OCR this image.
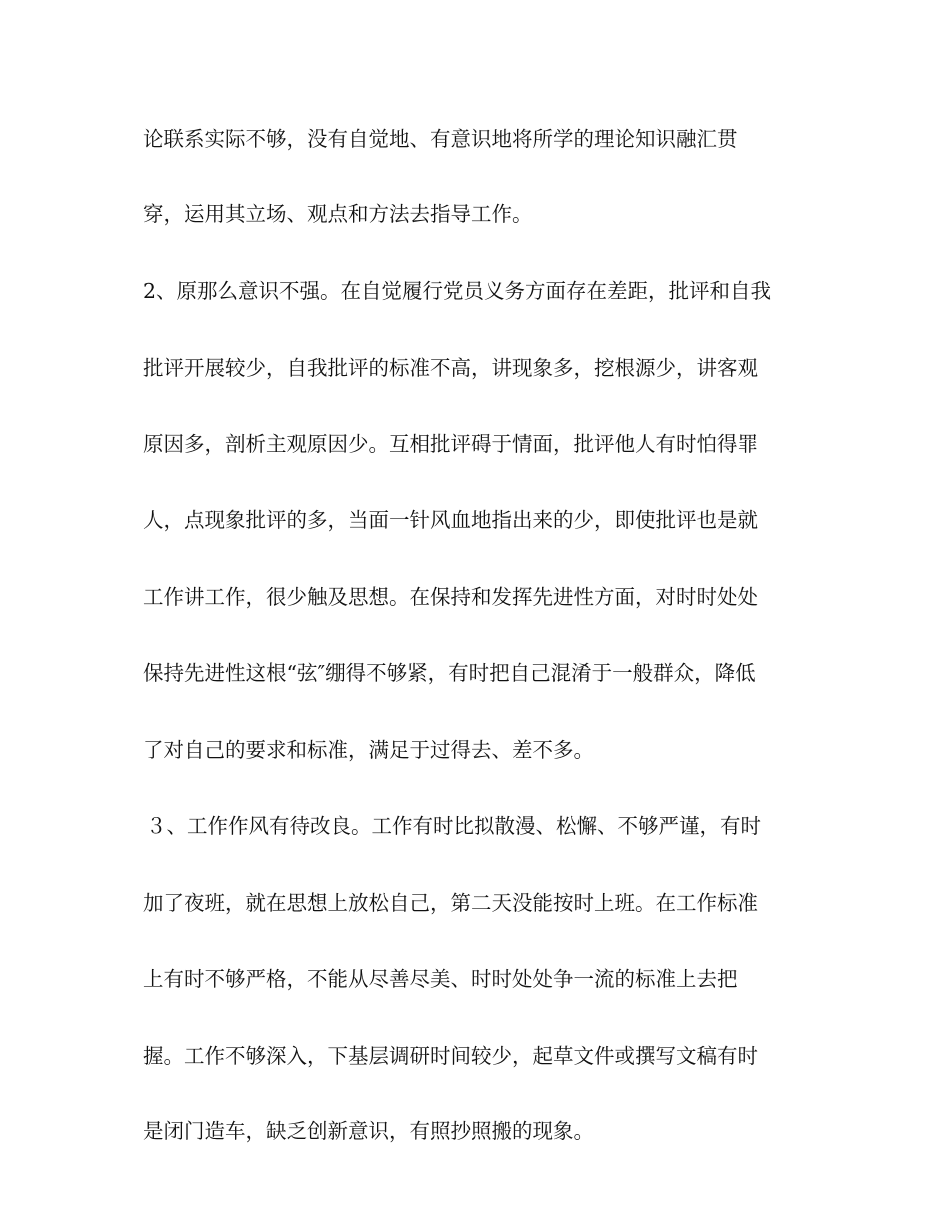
论联系实际不够，没有自觉地、有意识地将所学的理论知识融汇贯
穿，运用其立场、观点和方法去指导工作。
2、原那么意识不强。在自觉履行党员义务方面存在差距，批评和自我
批评开展较少，自我批评的标准不高，讲现象多，挖根源少，讲客观
原因多，剖析主观原因少。互相批评碍于情面，批评他人有时怕得罪
人，点现象批评的多，当面一针风血地指出来的少，即使批评也是就
工作讲工作，很少触及思想。在保持和发挥先进性方面，对时时处处
保持先进性这根“弦″绷得不够紧，有时把自己混淆于一般群众，降低
了对自己的要求和标准，满足于过得去、差不多。
３、工作作风有待改良。工作有时比拟散漫、松懈、不够严谨，有时
加了夜班，就在思想上放松自己，第二天没能按时上班。在工作标准
上有时不够严格，不能从尽善尽美、时时处处争一流的标准上去把
握。工作不够深入，下基层调研时间较少，起草文件或撰写文稿有时
是闭门造车，缺乏创新意识，有照抄照搬的现象。
